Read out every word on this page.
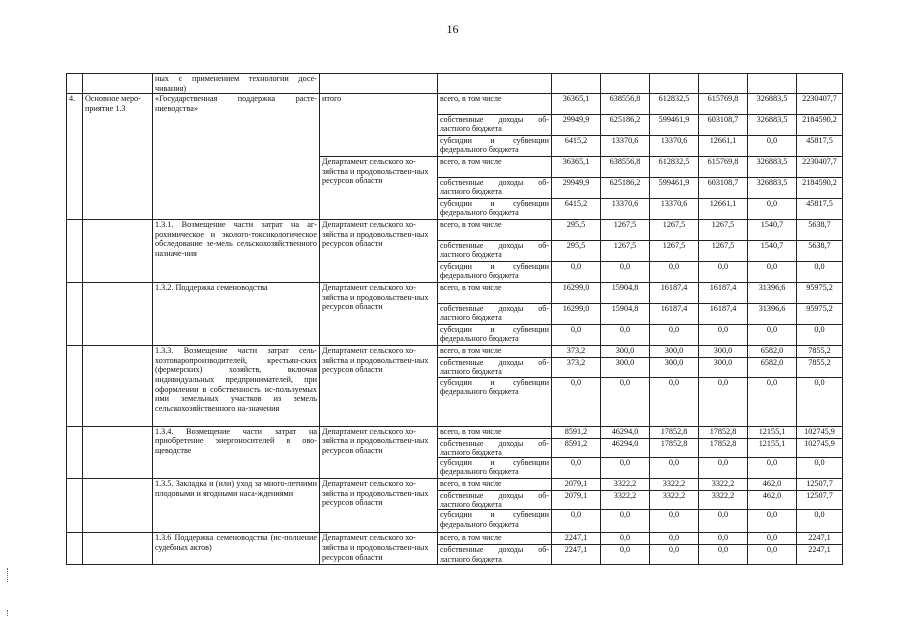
16
		ных с применением технологии досе-чивания)								
4.	Основное меро-приятие 1.3	«Государственная поддержка расте-ниеводства»	итого	всего, в том числе	36365,1	638556,8	612832,5	615769,8	326883,5	2230407,7
				собственные доходы об-ластного бюджета	29949,9	625186,2	599461,9	603108,7	326883,5	2184590,2
				субсидии и субвенции федерального бюджета	6415,2	13370,6	13370,6	12661,1	0,0	45817,5
			Департамент сельского хо-зяйства и продовольствен-ных ресурсов области	всего, в том числе	36365,1	638556,8	612832,5	615769,8	326883,5	2230407,7
				собственные доходы об-ластного бюджета	29949,9	625186,2	599461,9	603108,7	326883,5	2184590,2
				субсидии и субвенции федерального бюджета	6415,2	13370,6	13370,6	12661,1	0,0	45817,5
		1.3.1. Возмещение части затрат на аг-рохимическое и эколого-токсикологическое обследование зе-мель сельскохозяйственного назначе-ния	Департамент сельского хо-зяйства и продовольствен-ных ресурсов области	всего, в том числе	295,5	1267,5	1267,5	1267,5	1540,7	5638,7
				собственные доходы об-ластного бюджета	295,5	1267,5	1267,5	1267,5	1540,7	5638,7
				субсидии и субвенции федерального бюджета	0,0	0,0	0,0	0,0	0,0	0,0
		1.3.2. Поддержка семеноводства	Департамент сельского хо-зяйства и продовольствен-ных ресурсов области	всего, в том числе	16299,0	15904,8	16187,4	16187,4	31396,6	95975,2
				собственные доходы об-ластного бюджета	16299,0	15904,8	16187,4	16187,4	31396,6	95975,2
				субсидии и субвенции федерального бюджета	0,0	0,0	0,0	0,0	0,0	0,0
		1.3.3. Возмещение части затрат сель-хозтоваропроизводителей, крестьян-ских (фермерских) хозяйств, включая индивидуальных предпринимателей, при оформлении в собственность ис-пользуемых ими земельных участков из земель сельскохозяйственного на-значения	Департамент сельского хо-зяйства и продовольствен-ных ресурсов области	всего, в том числе	373,2	300,0	300,0	300,0	6582,0	7855,2
				собственные доходы об-ластного бюджета	373,2	300,0	300,0	300,0	6582,0	7855,2
				субсидии и субвенции федерального бюджета	0,0	0,0	0,0	0,0	0,0	0,0
		1.3.4. Возмещение части затрат на приобретение энергоносителей в ово-щеводстве	Департамент сельского хо-зяйства и продовольствен-ных ресурсов области	всего, в том числе	8591,2	46294,0	17852,8	17852,8	12155,1	102745,9
				собственные доходы об-ластного бюджета	8591,2	46294,0	17852,8	17852,8	12155,1	102745,9
				субсидии и субвенции федерального бюджета	0,0	0,0	0,0	0,0	0,0	0,0
		1.3.5. Закладка и (или) уход за много-летними плодовыми и ягодными наса-ждениями	Департамент сельского хо-зяйства и продовольствен-ных ресурсов области	всего, в том числе	2079,1	3322,2	3322,2	3322,2	462,0	12507,7
				собственные доходы об-ластного бюджета	2079,1	3322,2	3322,2	3322,2	462,0	12507,7
				субсидии и субвенции федерального бюджета	0,0	0,0	0,0	0,0	0,0	0,0
		1.3.6 Поддержка семеноводства (ис-полнение судебных актов)	Департамент сельского хо-зяйства и продовольствен-ных ресурсов области	всего, в том числе	2247,1	0,0	0,0	0,0	0,0	2247,1
				собственные доходы об-ластного бюджета	2247,1	0,0	0,0	0,0	0,0	2247,1
